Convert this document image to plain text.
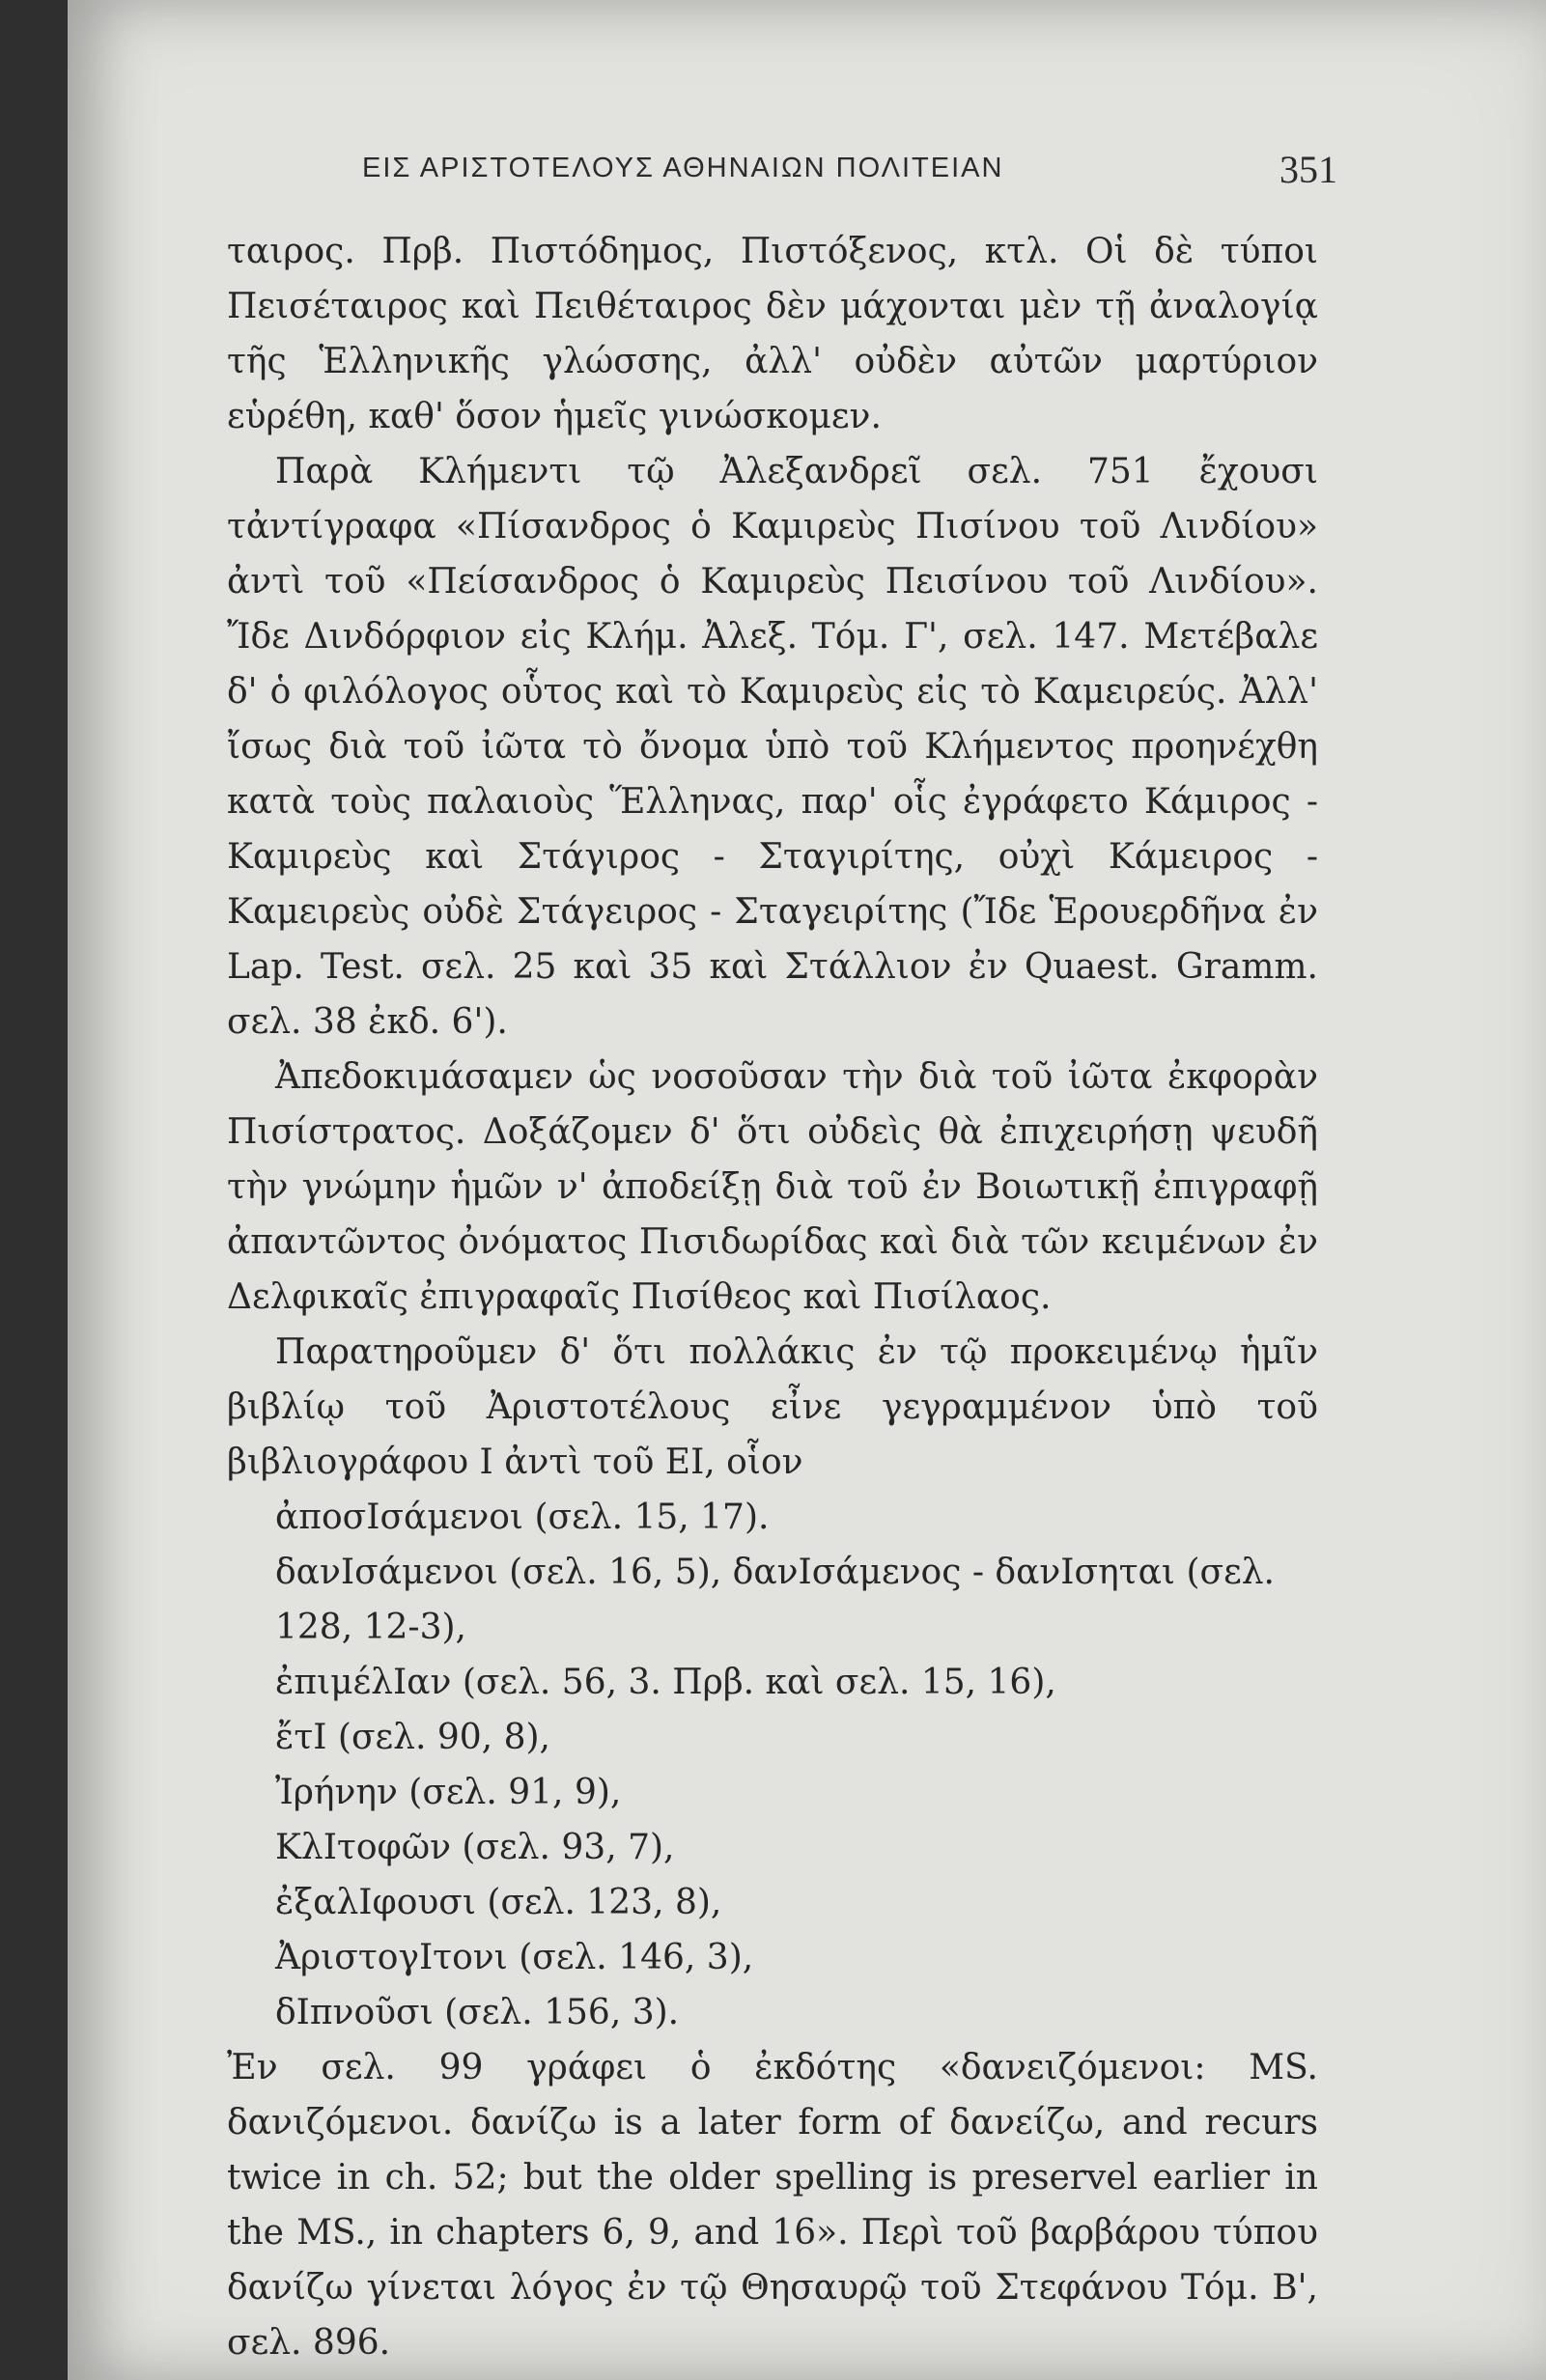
ΕΙΣ ΑΡΙΣΤΟΤΕΛΟΥΣ ΑΘΗΝΑΙΩΝ ΠΟΛΙΤΕΙΑΝ	351

ταιρος. Πρβ. Πιστόδημος, Πιστόξενος, κτλ. Οἱ δὲ τύποι Πεισέταιρος καὶ Πειθέταιρος δὲν μάχονται μὲν τῇ ἀναλογίᾳ τῆς Ἑλληνικῆς γλώσσης, ἀλλ' οὐδὲν αὐτῶν μαρτύριον εὑρέθη, καθ' ὅσον ἡμεῖς γινώσκομεν.

Παρὰ Κλήμεντι τῷ Ἀλεξανδρεῖ σελ. 751 ἔχουσι τἀντίγραφα «Πίσανδρος ὁ Καμιρεὺς Πισίνου τοῦ Λινδίου» ἀντὶ τοῦ «Πείσανδρος ὁ Καμιρεὺς Πεισίνου τοῦ Λινδίου». Ἴδε Δινδόρφιον εἰς Κλήμ. Ἀλεξ. Τόμ. Γ', σελ. 147. Μετέβαλε δ' ὁ φιλόλογος οὗτος καὶ τὸ Καμιρεὺς εἰς τὸ Καμειρεύς. Ἀλλ' ἴσως διὰ τοῦ ἰῶτα τὸ ὄνομα ὑπὸ τοῦ Κλήμεντος προηνέχθη κατὰ τοὺς παλαιοὺς Ἕλληνας, παρ' οἷς ἐγράφετο Κάμιρος - Καμιρεὺς καὶ Στάγιρος - Σταγιρίτης, οὐχὶ Κάμειρος - Καμειρεὺς οὐδὲ Στάγειρος - Σταγειρίτης (Ἴδε Ἑρουερδῆνα ἐν Lap. Test. σελ. 25 καὶ 35 καὶ Στάλλιον ἐν Quaest. Gramm. σελ. 38 ἐκδ. 6').

Ἀπεδοκιμάσαμεν ὡς νοσοῦσαν τὴν διὰ τοῦ ἰῶτα ἐκφορὰν Πισίστρατος. Δοξάζομεν δ' ὅτι οὐδεὶς θὰ ἐπιχειρήσῃ ψευδῆ τὴν γνώμην ἡμῶν ν' ἀποδείξῃ διὰ τοῦ ἐν Βοιωτικῇ ἐπιγραφῇ ἀπαντῶντος ὀνόματος Πισιδωρίδας καὶ διὰ τῶν κειμένων ἐν Δελφικαῖς ἐπιγραφαῖς Πισίθεος καὶ Πισίλαος.

Παρατηροῦμεν δ' ὅτι πολλάκις ἐν τῷ προκειμένῳ ἡμῖν βιβλίῳ τοῦ Ἀριστοτέλους εἶνε γεγραμμένον ὑπὸ τοῦ βιβλιογράφου Ι ἀντὶ τοῦ ΕΙ, οἷον

ἀποσΙσάμενοι (σελ. 15, 17).
δανΙσάμενοι (σελ. 16, 5), δανΙσάμενος - δανΙσηται (σελ. 128, 12-3),
ἐπιμέλΙαν (σελ. 56, 3. Πρβ. καὶ σελ. 15, 16),
ἔτΙ (σελ. 90, 8),
Ἰρήνην (σελ. 91, 9),
ΚλΙτοφῶν (σελ. 93, 7),
ἐξαλΙφουσι (σελ. 123, 8),
ἈριστογΙτονι (σελ. 146, 3),
δΙπνοῦσι (σελ. 156, 3).

Ἐν σελ. 99 γράφει ὁ ἐκδότης «δανειζόμενοι: MS. δανιζόμενοι. δανίζω is a later form of δανείζω, and recurs twice in ch. 52; but the older spelling is preservel earlier in the MS., in chapters 6, 9, and 16». Περὶ τοῦ βαρβάρου τύπου δανίζω γίνεται λόγος ἐν τῷ Θησαυρῷ τοῦ Στεφάνου Τόμ. Β', σελ. 896.
